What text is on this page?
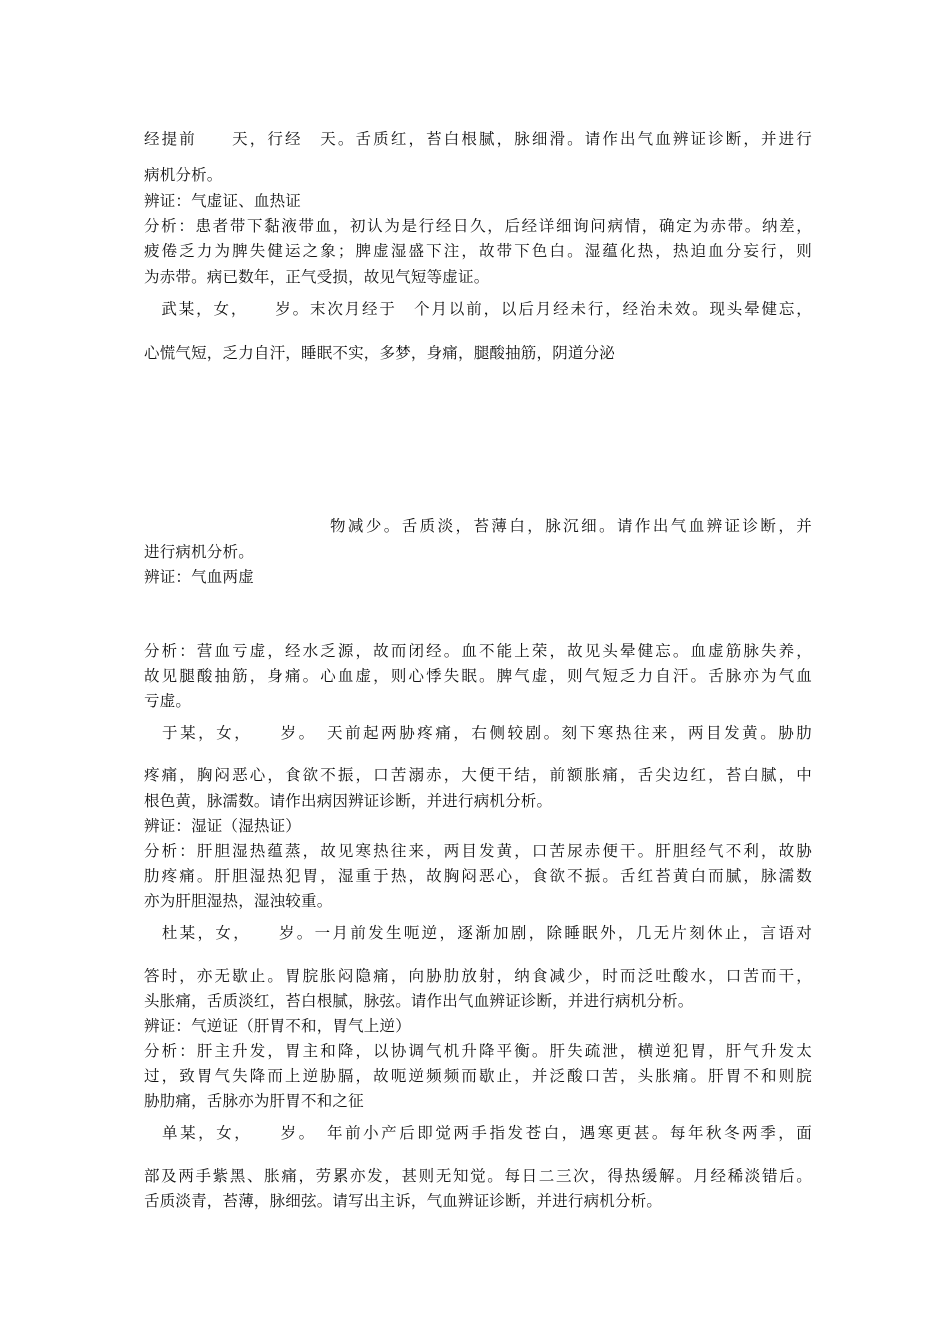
经提前　　天，行经　天。舌质红，苔白根腻，脉细滑。请作出气血辨证诊断，并进行
病机分析。
辨证：气虚证、血热证
分析：患者带下黏液带血，初认为是行经日久，后经详细询问病情，确定为赤带。纳差，
疲倦乏力为脾失健运之象；脾虚湿盛下注，故带下色白。湿蕴化热，热迫血分妄行，则
为赤带。病已数年，正气受损，故见气短等虚证。
　武某，女，　　岁。末次月经于　个月以前，以后月经未行，经治未效。现头晕健忘，
心慌气短，乏力自汗，睡眠不实，多梦，身痛，腿酸抽筋，阴道分泌
物减少。舌质淡，苔薄白，脉沉细。请作出气血辨证诊断，并
进行病机分析。
辨证：气血两虚
分析：营血亏虚，经水乏源，故而闭经。血不能上荣，故见头晕健忘。血虚筋脉失养，
故见腿酸抽筋，身痛。心血虚，则心悸失眠。脾气虚，则气短乏力自汗。舌脉亦为气血
亏虚。
　于某，女，　　岁。　天前起两胁疼痛，右侧较剧。刻下寒热往来，两目发黄。胁肋
疼痛，胸闷恶心，食欲不振，口苦溺赤，大便干结，前额胀痛，舌尖边红，苔白腻，中
根色黄，脉濡数。请作出病因辨证诊断，并进行病机分析。
辨证：湿证（湿热证）
分析：肝胆湿热蕴蒸，故见寒热往来，两目发黄，口苦尿赤便干。肝胆经气不利，故胁
肋疼痛。肝胆湿热犯胃，湿重于热，故胸闷恶心，食欲不振。舌红苔黄白而腻，脉濡数
亦为肝胆湿热，湿浊较重。
　杜某，女，　　岁。一月前发生呃逆，逐渐加剧，除睡眠外，几无片刻休止，言语对
答时，亦无歇止。胃脘胀闷隐痛，向胁肋放射，纳食减少，时而泛吐酸水，口苦而干，
头胀痛，舌质淡红，苔白根腻，脉弦。请作出气血辨证诊断，并进行病机分析。
辨证：气逆证（肝胃不和，胃气上逆）
分析：肝主升发，胃主和降，以协调气机升降平衡。肝失疏泄，横逆犯胃，肝气升发太
过，致胃气失降而上逆胁膈，故呃逆频频而歇止，并泛酸口苦，头胀痛。肝胃不和则脘
胁肋痛，舌脉亦为肝胃不和之征
　单某，女，　　岁。　年前小产后即觉两手指发苍白，遇寒更甚。每年秋冬两季，面
部及两手紫黑、胀痛，劳累亦发，甚则无知觉。每日二三次，得热缓解。月经稀淡错后。
舌质淡青，苔薄，脉细弦。请写出主诉，气血辨证诊断，并进行病机分析。
